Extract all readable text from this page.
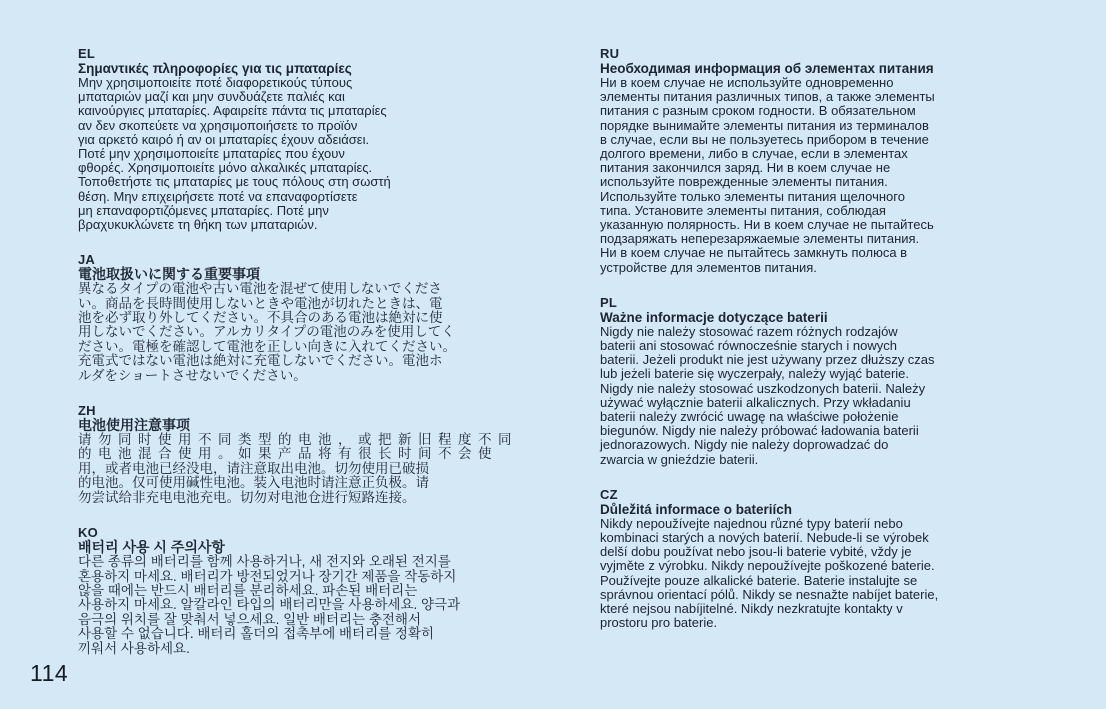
EL
Σημαντικές πληροφορίες για τις μπαταρίες
Μην χρησιμοποιείτε ποτέ διαφορετικούς τύπους
μπαταριών μαζί και μην συνδυάζετε παλιές και
καινούργιες μπαταρίες. Αφαιρείτε πάντα τις μπαταρίες
αν δεν σκοπεύετε να χρησιμοποιήσετε το προϊόν
για αρκετό καιρό ή αν οι μπαταρίες έχουν αδειάσει.
Ποτέ μην χρησιμοποιείτε μπαταρίες που έχουν
φθορές. Χρησιμοποιείτε μόνο αλκαλικές μπαταρίες.
Τοποθετήστε τις μπαταρίες με τους πόλους στη σωστή
θέση. Μην επιχειρήσετε ποτέ να επαναφορτίσετε
μη επαναφορτιζόμενες μπαταρίες. Ποτέ μην
βραχυκυκλώνετε τη θήκη των μπαταριών.
JA
電池取扱いに関する重要事項
異なるタイプの電池や古い電池を混ぜて使用しないでくださ
い。商品を長時間使用しないときや電池が切れたときは、電
池を必ず取り外してください。不具合のある電池は絶対に使
用しないでください。アルカリタイプの電池のみを使用してく
ださい。電極を確認して電池を正しい向きに入れてください。
充電式ではない電池は絶対に充電しないでください。電池ホ
ルダをショートさせないでください。
ZH
电池使用注意事项
请勿同时使用不同类型的电池，或把新旧程度不同
的电池混合使用。如果产品将有很长时间不会使
用，或者电池已经没电，请注意取出电池。切勿使用已破损
的电池。仅可使用碱性电池。装入电池时请注意正负极。请
勿尝试给非充电电池充电。切勿对电池仓进行短路连接。
KO
배터리 사용 시 주의사항
다른 종류의 배터리를 함께 사용하거나, 새 전지와 오래된 전지를
혼용하지 마세요. 배터리가 방전되었거나 장기간 제품을 작동하지
않을 때에는 반드시 배터리를 분리하세요. 파손된 배터리는
사용하지 마세요. 알칼라인 타입의 배터리만을 사용하세요. 양극과
음극의 위치를 잘 맞춰서 넣으세요. 일반 배터리는 충전해서
사용할 수 없습니다. 배터리 홀더의 접촉부에 배터리를 정확히
끼워서 사용하세요.
RU
Необходимая информация об элементах питания
Ни в коем случае не используйте одновременно
элементы питания различных типов, а также элементы
питания с разным сроком годности. В обязательном
порядке вынимайте элементы питания из терминалов
в случае, если вы не пользуетесь прибором в течение
долгого времени, либо в случае, если в элементах
питания закончился заряд. Ни в коем случае не
используйте поврежденные элементы питания.
Используйте только элементы питания щелочного
типа. Установите элементы питания, соблюдая
указанную полярность. Ни в коем случае не пытайтесь
подзаряжать неперезаряжаемые элементы питания.
Ни в коем случае не пытайтесь замкнуть полюса в
устройстве для элементов питания.
PL
Ważne informacje dotyczące baterii
Nigdy nie należy stosować razem różnych rodzajów
baterii ani stosować równocześnie starych i nowych
baterii. Jeżeli produkt nie jest używany przez dłuższy czas
lub jeżeli baterie się wyczerpały, należy wyjąć baterie.
Nigdy nie należy stosować uszkodzonych baterii. Należy
używać wyłącznie baterii alkalicznych. Przy wkładaniu
baterii należy zwrócić uwagę na właściwe położenie
biegunów. Nigdy nie należy próbować ładowania baterii
jednorazowych. Nigdy nie należy doprowadzać do
zwarcia w gnieździe baterii.
CZ
Důležitá informace o bateriích
Nikdy nepoužívejte najednou různé typy baterií nebo
kombinaci starých a nových baterií. Nebude-li se výrobek
delší dobu používat nebo jsou-li baterie vybité, vždy je
vyjměte z výrobku. Nikdy nepoužívejte poškozené baterie.
Používejte pouze alkalické baterie. Baterie instalujte se
správnou orientací pólů. Nikdy se nesnažte nabíjet baterie,
které nejsou nabíjitelné. Nikdy nezkratujte kontakty v
prostoru pro baterie.
114
